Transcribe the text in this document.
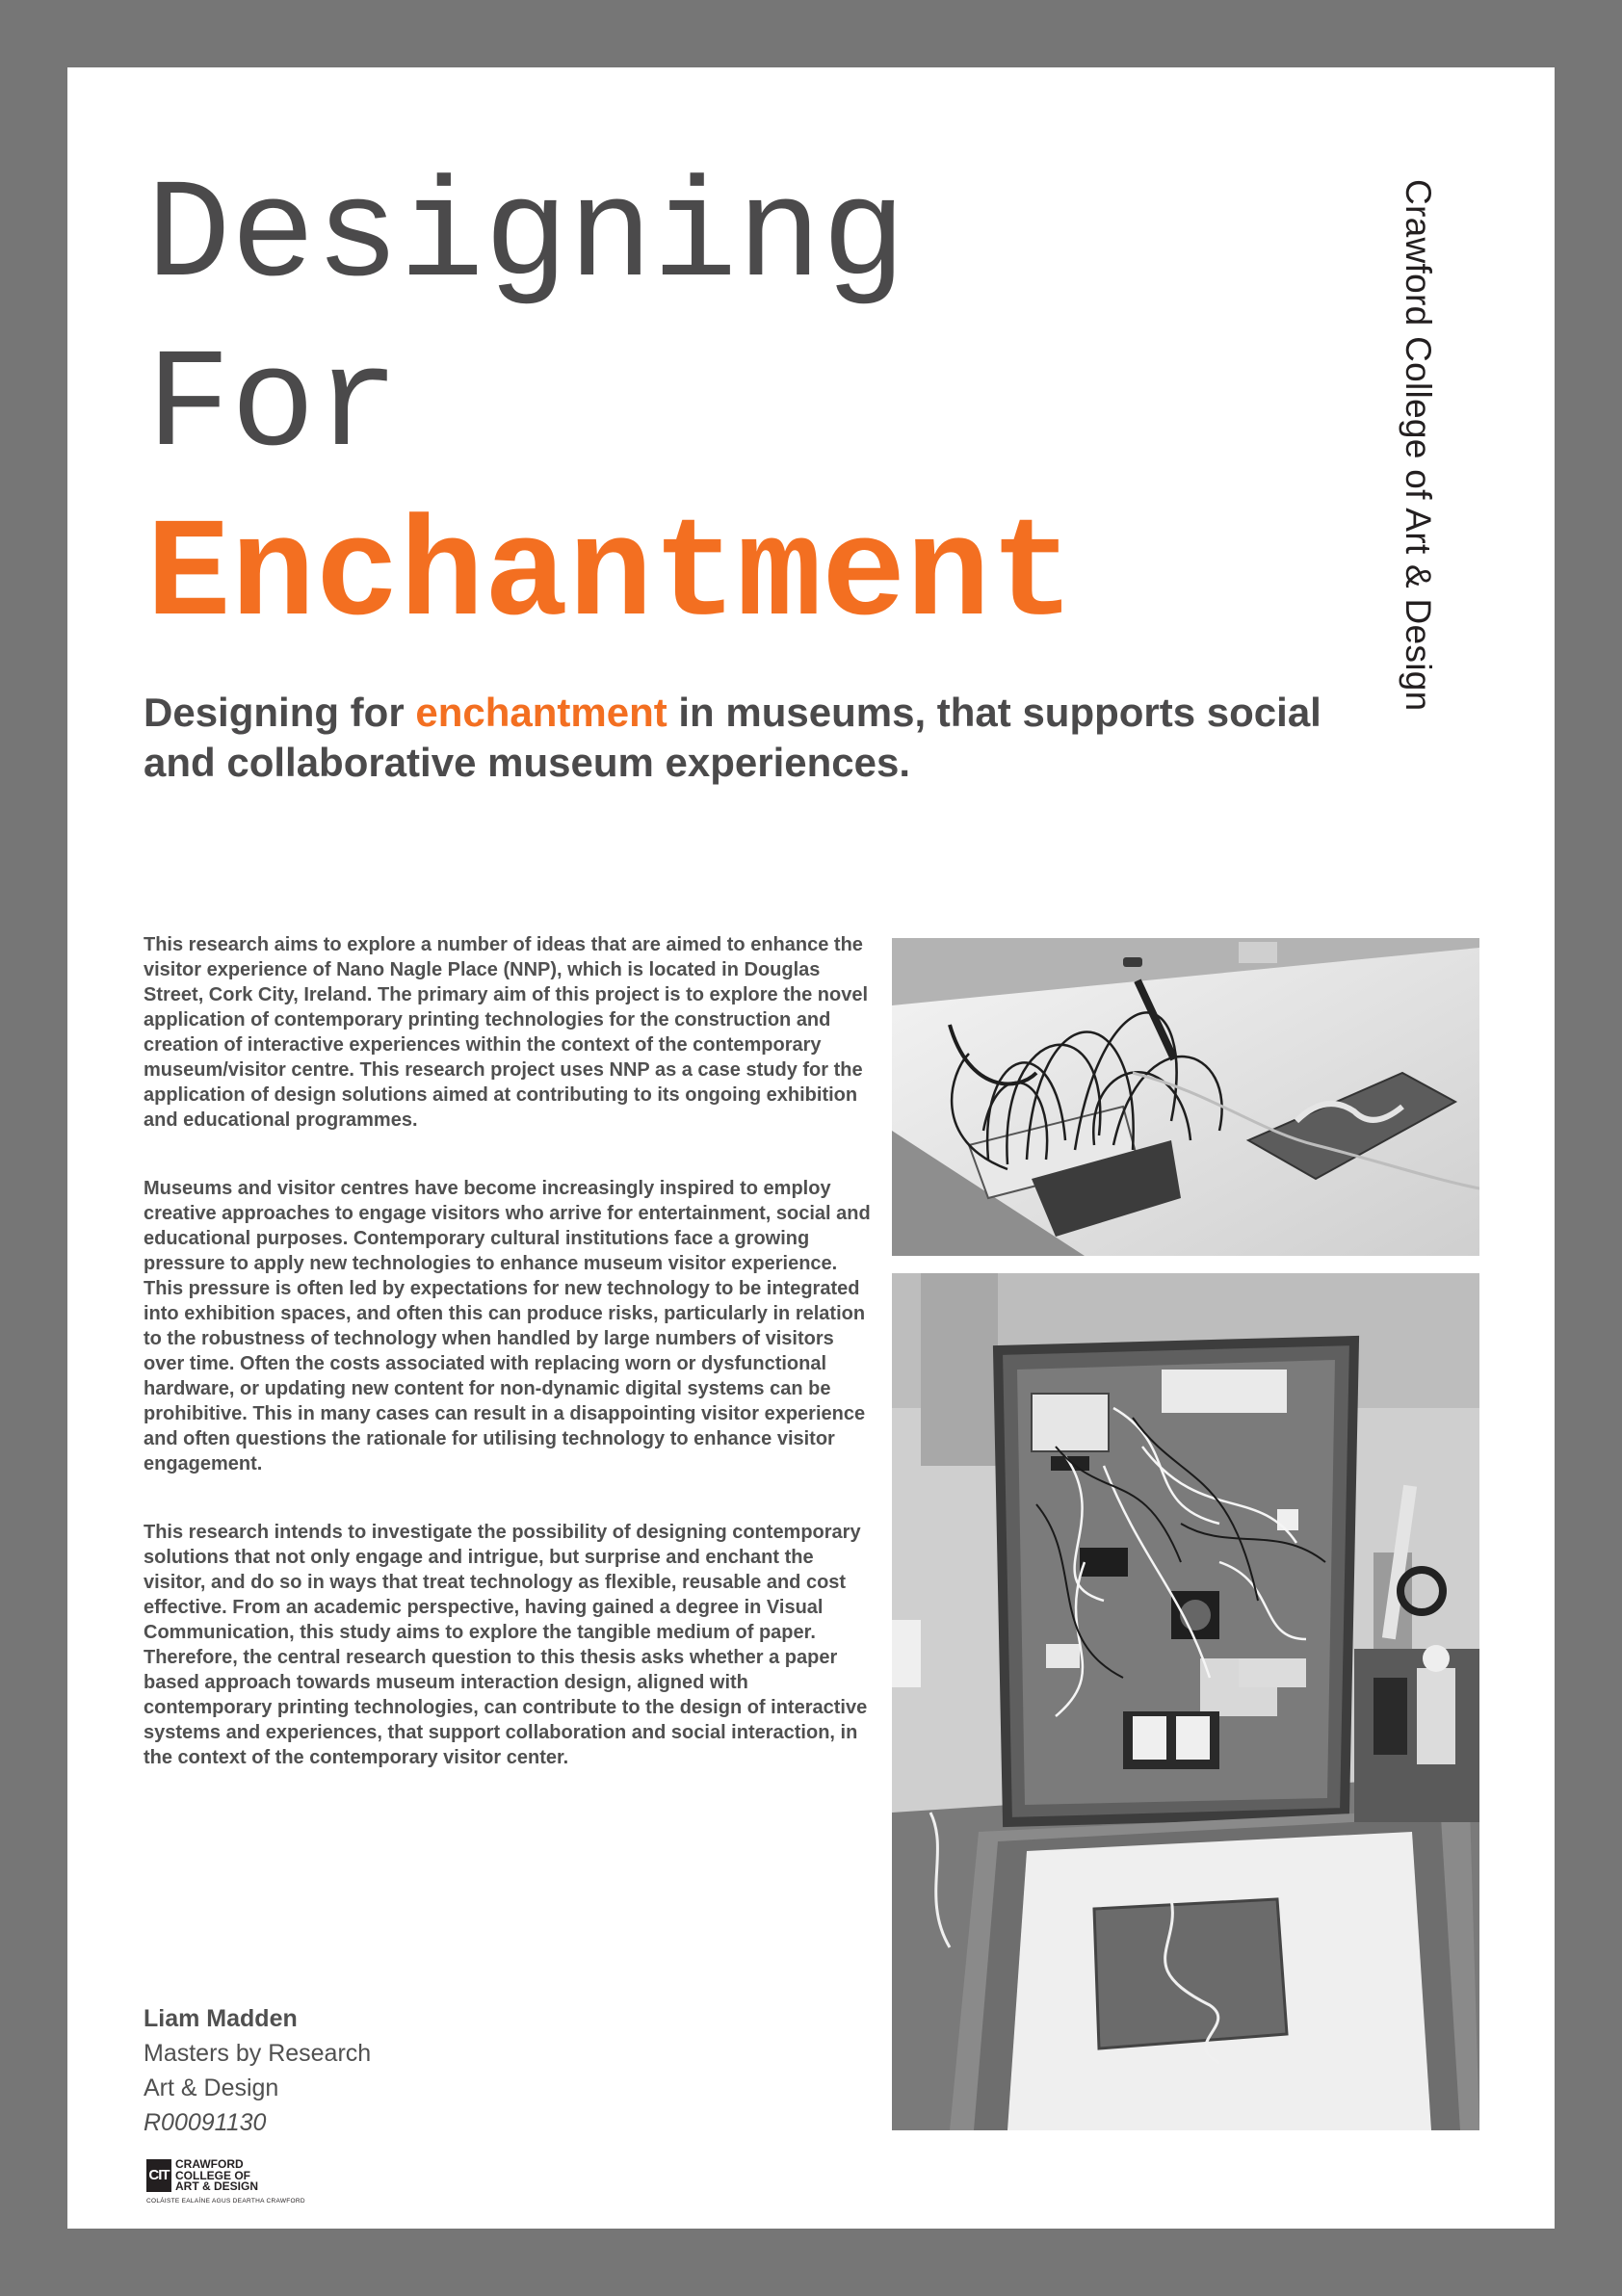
Designing
For
Enchantment	Crawford College of Art & Design
Designing for enchantment in museums, that supports social and collaborative museum experiences.

This research aims to explore a number of ideas that are aimed to enhance the visitor experience of Nano Nagle Place (NNP), which is located in Douglas Street, Cork City, Ireland. The primary aim of this project is to explore the novel application of contemporary printing technologies for the construction and creation of interactive experiences within the context of the contemporary museum/visitor centre. This research project uses NNP as a case study for the application of design solutions aimed at contributing to its ongoing exhibition and educational programmes.

Museums and visitor centres have become increasingly inspired to employ creative approaches to engage visitors who arrive for entertainment, social and educational purposes. Contemporary cultural institutions face a growing pressure to apply new technologies to enhance museum visitor experience. This pressure is often led by expectations for new technology to be integrated into exhibition spaces, and often this can produce risks, particularly in relation to the robustness of technology when handled by large numbers of visitors over time. Often the costs associated with replacing worn or dysfunctional hardware, or updating new content for non-dynamic digital systems can be prohibitive. This in many cases can result in a disappointing visitor experience and often questions the rationale for utilising technology to enhance visitor engagement.

This research intends to investigate the possibility of designing contemporary solutions that not only engage and intrigue, but surprise and enchant the visitor, and do so in ways that treat technology as flexible, reusable and cost effective. From an academic perspective, having gained a degree in Visual Communication, this study aims to explore the tangible medium of paper. Therefore, the central research question to this thesis asks whether a paper based approach towards museum interaction design, aligned with contemporary printing technologies, can contribute to the design of interactive systems and experiences, that support collaboration and social interaction, in the context of the contemporary visitor center.

Liam Madden
Masters by Research
Art & Design
R00091130
CIT
CRAWFORD
COLLEGE OF
ART & DESIGN
COLÁISTE EALAÍNE AGUS DEARTHA CRAWFORD
